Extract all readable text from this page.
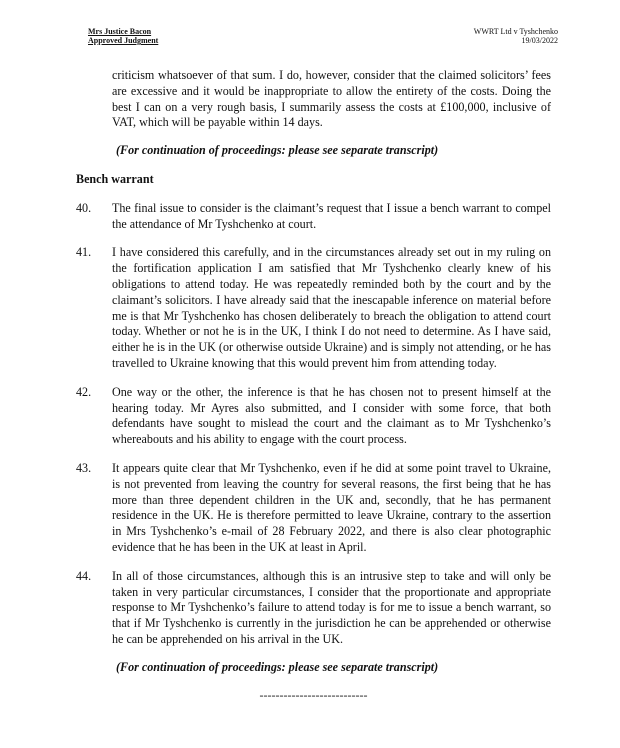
Mrs Justice Bacon
Approved Judgment
WWRT Ltd v Tyshchenko
19/03/2022

criticism whatsoever of that sum. I do, however, consider that the claimed solicitors’ fees are excessive and it would be inappropriate to allow the entirety of the costs. Doing the best I can on a very rough basis, I summarily assess the costs at £100,000, inclusive of VAT, which will be payable within 14 days.

(For continuation of proceedings: please see separate transcript)

Bench warrant

40.	The final issue to consider is the claimant’s request that I issue a bench warrant to compel the attendance of Mr Tyshchenko at court.

41.	I have considered this carefully, and in the circumstances already set out in my ruling on the fortification application I am satisfied that Mr Tyshchenko clearly knew of his obligations to attend today. He was repeatedly reminded both by the court and by the claimant’s solicitors. I have already said that the inescapable inference on material before me is that Mr Tyshchenko has chosen deliberately to breach the obligation to attend court today. Whether or not he is in the UK, I think I do not need to determine. As I have said, either he is in the UK (or otherwise outside Ukraine) and is simply not attending, or he has travelled to Ukraine knowing that this would prevent him from attending today.

42.	One way or the other, the inference is that he has chosen not to present himself at the hearing today. Mr Ayres also submitted, and I consider with some force, that both defendants have sought to mislead the court and the claimant as to Mr Tyshchenko’s whereabouts and his ability to engage with the court process.

43.	It appears quite clear that Mr Tyshchenko, even if he did at some point travel to Ukraine, is not prevented from leaving the country for several reasons, the first being that he has more than three dependent children in the UK and, secondly, that he has permanent residence in the UK. He is therefore permitted to leave Ukraine, contrary to the assertion in Mrs Tyshchenko’s e-mail of 28 February 2022, and there is also clear photographic evidence that he has been in the UK at least in April.

44.	In all of those circumstances, although this is an intrusive step to take and will only be taken in very particular circumstances, I consider that the proportionate and appropriate response to Mr Tyshchenko’s failure to attend today is for me to issue a bench warrant, so that if Mr Tyshchenko is currently in the jurisdiction he can be apprehended or otherwise he can be apprehended on his arrival in the UK.

(For continuation of proceedings: please see separate transcript)

---------------------------
